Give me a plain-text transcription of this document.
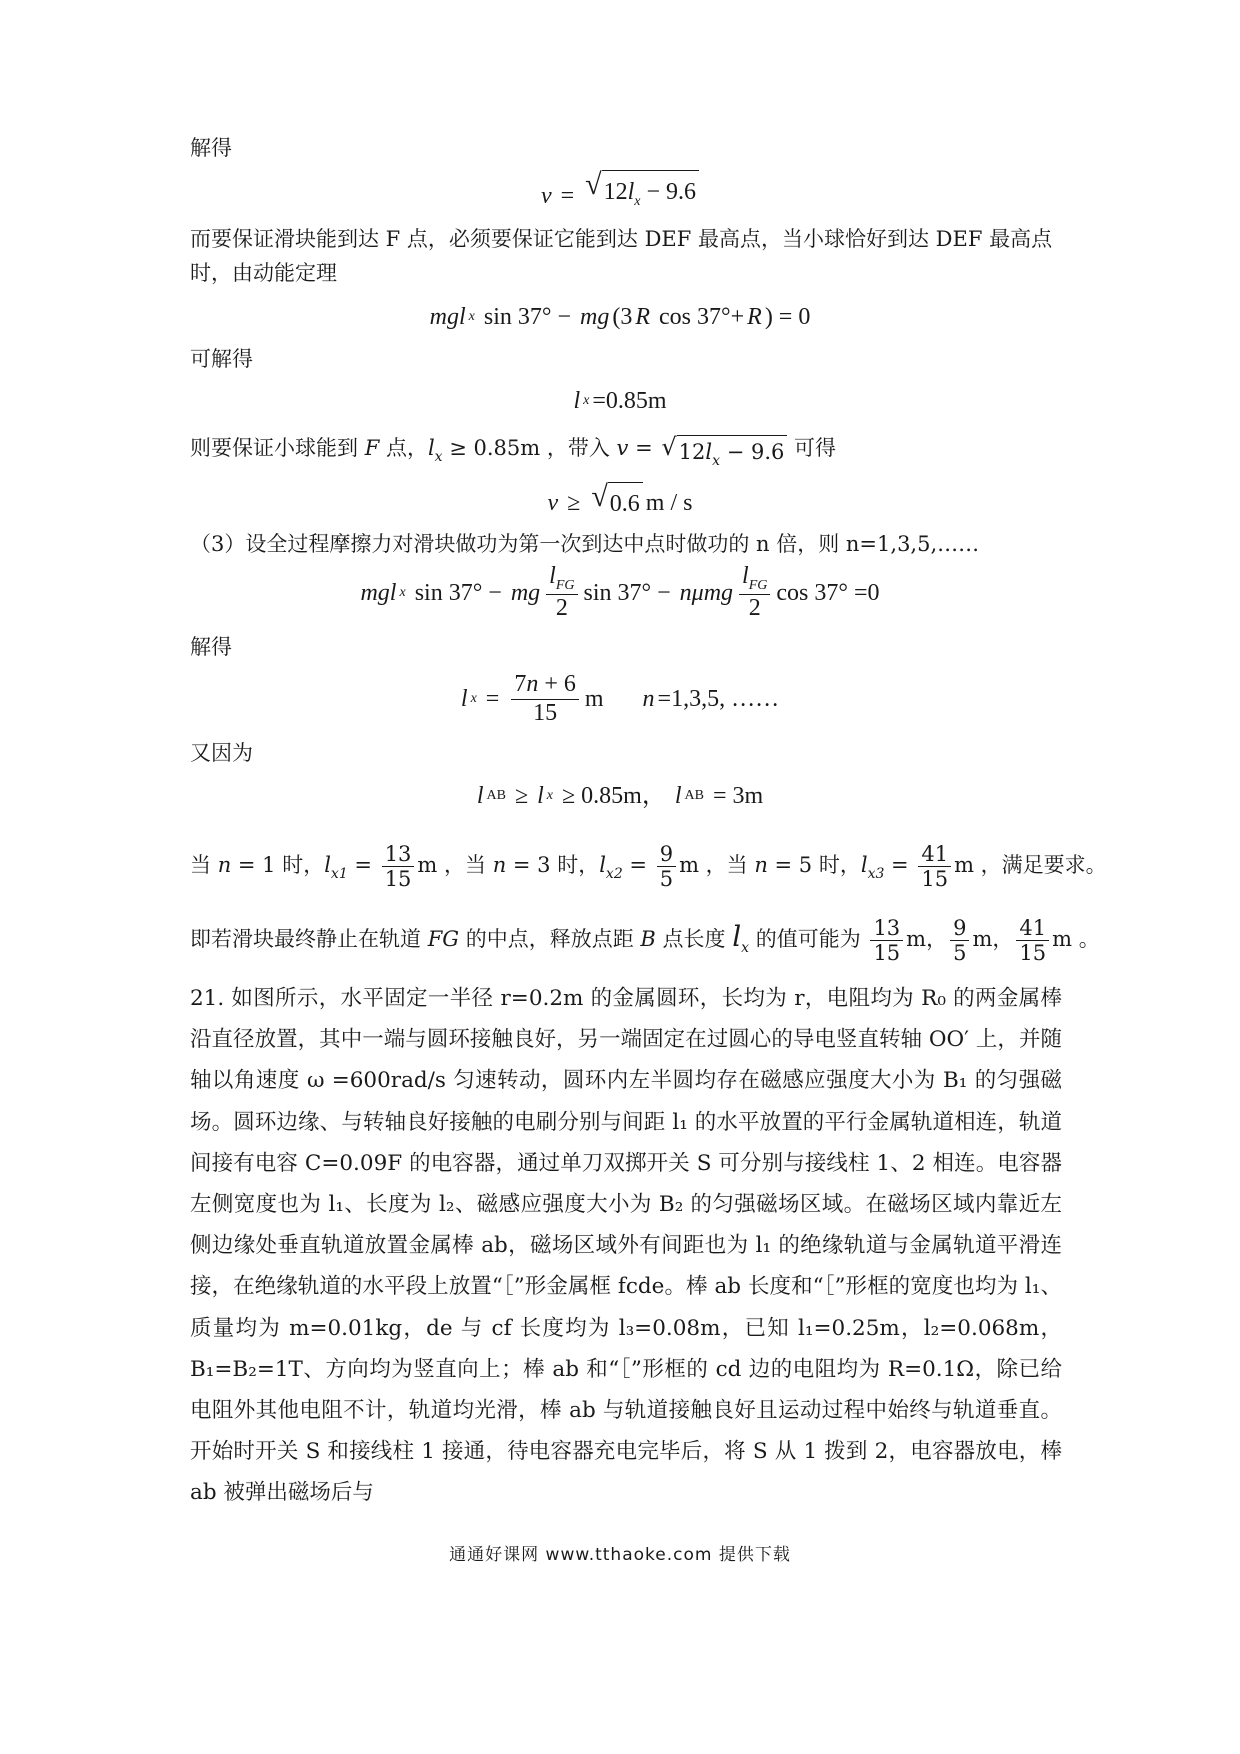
解得
v = √ $12l_x - 9.6$
而要保证滑块能到达 F 点，必须要保证它能到达 DEF 最高点，当小球恰好到达 DEF 最高点
时，由动能定理
mgl x sin 37° − mg (3 R cos 37°+ R ) = 0
可解得
l x =0.85m
则要保证小球能到 F 点，$l_x \ge 0.85m$ ，带入 v = √ $12l_x - 9.6$ 可得
v ≥ √ 0.6 m / s
（3）设全过程摩擦力对滑块做功为第一次到达中点时做功的 n 倍，则 n=1,3,5,……
mgl x sin 37° − mg $\frac{l_{FG}}{2}$ sin 37° − nμmg $\frac{l_{FG}}{2}$ cos 37° =0
解得
l $x = \frac{7n + 6}{15}$ m n =1,3,5, ……
又因为
l AB ≥ l x ≥ 0.85m， l AB = 3m
当 n = 1 时，$l_{x1} = \frac{13}{15}$ m ，当 n = 3 时，$l_{x2} = \frac{9}{5}$ m ，当 n = 5 时，$l_{x3} = \frac{41}{15}$ m ，满足要求。
即若滑块最终静止在轨道 FG 的中点，释放点距 B 点长度 $l_x$ 的值可能为 $\frac{13}{15}$ m， $\frac{9}{5}$ m， $\frac{41}{15}$ m 。
21. 如图所示，水平固定一半径 r=0.2m 的金属圆环，长均为 r，电阻均为 R₀ 的两金属棒沿直径放置，其中一端与圆环接触良好，另一端固定在过圆心的导电竖直转轴 OO′ 上，并随轴以角速度 ω =600rad/s 匀速转动，圆环内左半圆均存在磁感应强度大小为 B₁ 的匀强磁场。圆环边缘、与转轴良好接触的电刷分别与间距 l₁ 的水平放置的平行金属轨道相连，轨道间接有电容 C=0.09F 的电容器，通过单刀双掷开关 S 可分别与接线柱 1、2 相连。电容器左侧宽度也为 l₁、长度为 l₂、磁感应强度大小为 B₂ 的匀强磁场区域。在磁场区域内靠近左侧边缘处垂直轨道放置金属棒 ab，磁场区域外有间距也为 l₁ 的绝缘轨道与金属轨道平滑连接，在绝缘轨道的水平段上放置“［”形金属框 fcde。棒 ab 长度和“［”形框的宽度也均为 l₁、质量均为 m=0.01kg，de 与 cf 长度均为 l₃=0.08m，已知 l₁=0.25m，l₂=0.068m，B₁=B₂=1T、方向均为竖直向上；棒 ab 和“［”形框的 cd 边的电阻均为 R=0.1Ω，除已给电阻外其他电阻不计，轨道均光滑，棒 ab 与轨道接触良好且运动过程中始终与轨道垂直。开始时开关 S 和接线柱 1 接通，待电容器充电完毕后，将 S 从 1 拨到 2，电容器放电，棒 ab 被弹出磁场后与
通通好课网 www.tthaoke.com 提供下载
